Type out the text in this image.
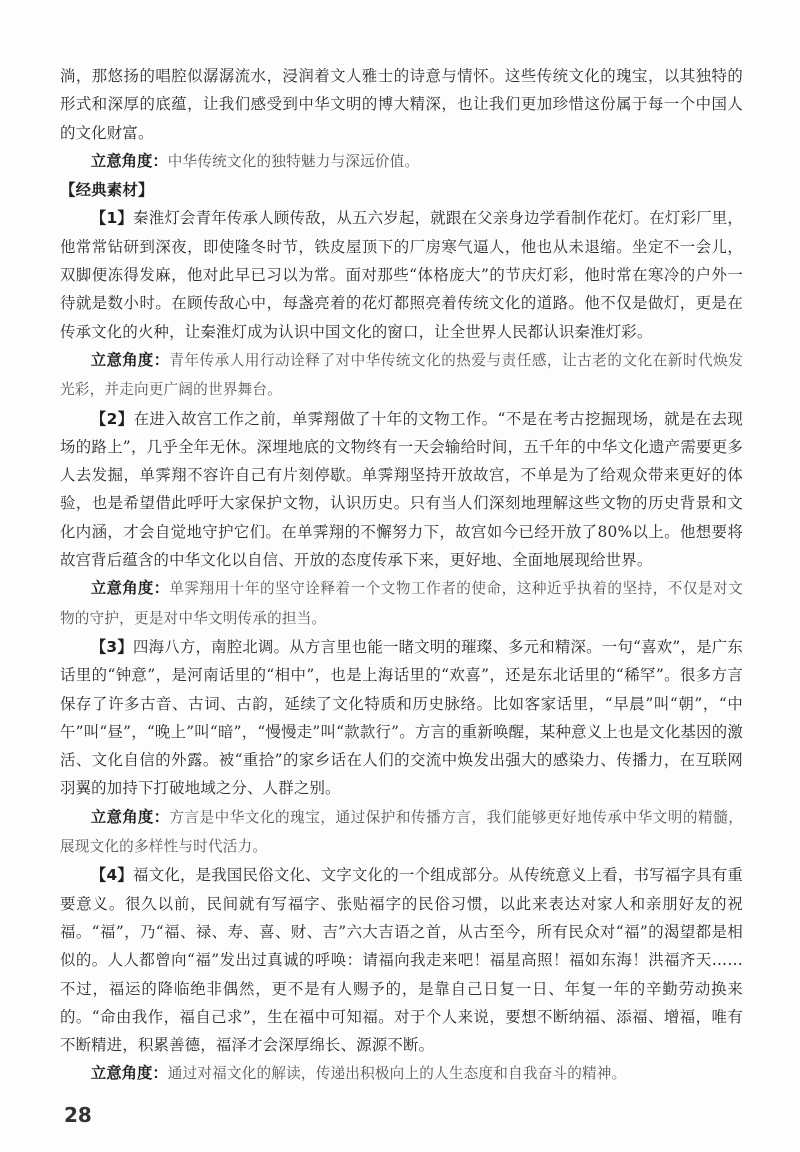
淌，那悠扬的唱腔似潺潺流水，浸润着文人雅士的诗意与情怀。这些传统文化的瑰宝，以其独特的形式和深厚的底蕴，让我们感受到中华文明的博大精深，也让我们更加珍惜这份属于每一个中国人的文化财富。

立意角度：中华传统文化的独特魅力与深远价值。

【经典素材】

【1】秦淮灯会青年传承人顾传敌，从五六岁起，就跟在父亲身边学看制作花灯。在灯彩厂里，他常常钻研到深夜，即使隆冬时节，铁皮屋顶下的厂房寒气逼人，他也从未退缩。坐定不一会儿，双脚便冻得发麻，他对此早已习以为常。面对那些“体格庞大”的节庆灯彩，他时常在寒冷的户外一待就是数小时。在顾传敌心中，每盏亮着的花灯都照亮着传统文化的道路。他不仅是做灯，更是在传承文化的火种，让秦淮灯成为认识中国文化的窗口，让全世界人民都认识秦淮灯彩。

立意角度：青年传承人用行动诠释了对中华传统文化的热爱与责任感，让古老的文化在新时代焕发光彩，并走向更广阔的世界舞台。

【2】在进入故宫工作之前，单霁翔做了十年的文物工作。“不是在考古挖掘现场，就是在去现场的路上”，几乎全年无休。深埋地底的文物终有一天会输给时间，五千年的中华文化遗产需要更多人去发掘，单霁翔不容许自己有片刻停歇。单霁翔坚持开放故宫，不单是为了给观众带来更好的体验，也是希望借此呼吁大家保护文物，认识历史。只有当人们深刻地理解这些文物的历史背景和文化内涵，才会自觉地守护它们。在单霁翔的不懈努力下，故宫如今已经开放了80%以上。他想要将故宫背后蕴含的中华文化以自信、开放的态度传承下来，更好地、全面地展现给世界。

立意角度：单霁翔用十年的坚守诠释着一个文物工作者的使命，这种近乎执着的坚持，不仅是对文物的守护，更是对中华文明传承的担当。

【3】四海八方，南腔北调。从方言里也能一睹文明的璀璨、多元和精深。一句“喜欢”，是广东话里的“钟意”，是河南话里的“相中”，也是上海话里的“欢喜”，还是东北话里的“稀罕”。很多方言保存了许多古音、古词、古韵，延续了文化特质和历史脉络。比如客家话里，“早晨”叫“朝”，“中午”叫“昼”，“晚上”叫“暗”，“慢慢走”叫“款款行”。方言的重新唤醒，某种意义上也是文化基因的激活、文化自信的外露。被“重拾”的家乡话在人们的交流中焕发出强大的感染力、传播力，在互联网羽翼的加持下打破地域之分、人群之别。

立意角度：方言是中华文化的瑰宝，通过保护和传播方言，我们能够更好地传承中华文明的精髓，展现文化的多样性与时代活力。

【4】福文化，是我国民俗文化、文字文化的一个组成部分。从传统意义上看，书写福字具有重要意义。很久以前，民间就有写福字、张贴福字的民俗习惯，以此来表达对家人和亲朋好友的祝福。“福”，乃“福、禄、寿、喜、财、吉”六大吉语之首，从古至今，所有民众对“福”的渴望都是相似的。人人都曾向“福”发出过真诚的呼唤：请福向我走来吧！福星高照！福如东海！洪福齐天……不过，福运的降临绝非偶然，更不是有人赐予的，是靠自己日复一日、年复一年的辛勤劳动换来的。“命由我作，福自己求”，生在福中可知福。对于个人来说，要想不断纳福、添福、增福，唯有不断精进，积累善德，福泽才会深厚绵长、源源不断。

立意角度：通过对福文化的解读，传递出积极向上的人生态度和自我奋斗的精神。

28
